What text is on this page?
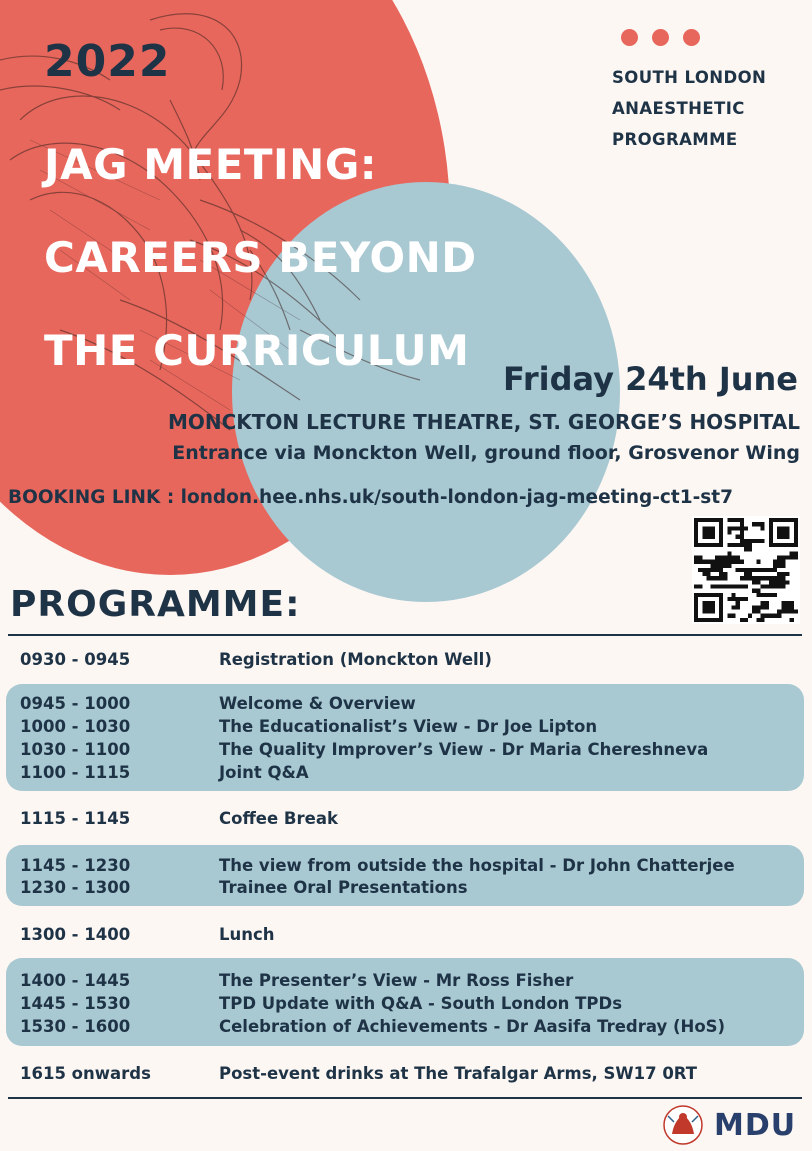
SOUTH LONDON
ANAESTHETIC
PROGRAMME
2022
JAG MEETING:
CAREERS BEYOND
THE CURRICULUM
Friday 24th June
MONCKTON LECTURE THEATRE, ST. GEORGE’S HOSPITAL
Entrance via Monckton Well, ground floor, Grosvenor Wing
BOOKING LINK : london.hee.nhs.uk/south-london-jag-meeting-ct1-st7
PROGRAMME:
0930 - 0945	Registration (Monckton Well)
0945 - 1000	Welcome & Overview
1000 - 1030	The Educationalist’s View - Dr Joe Lipton
1030 - 1100	The Quality Improver’s View - Dr Maria Chereshneva
1100 - 1115	Joint Q&A
1115 - 1145	Coffee Break
1145 - 1230	The view from outside the hospital - Dr John Chatterjee
1230 - 1300	Trainee Oral Presentations
1300 - 1400	Lunch
1400 - 1445	The Presenter’s View - Mr Ross Fisher
1445 - 1530	TPD Update with Q&A - South London TPDs
1530 - 1600	Celebration of Achievements - Dr Aasifa Tredray (HoS)
1615 onwards	Post-event drinks at The Trafalgar Arms, SW17 0RT
MDU
